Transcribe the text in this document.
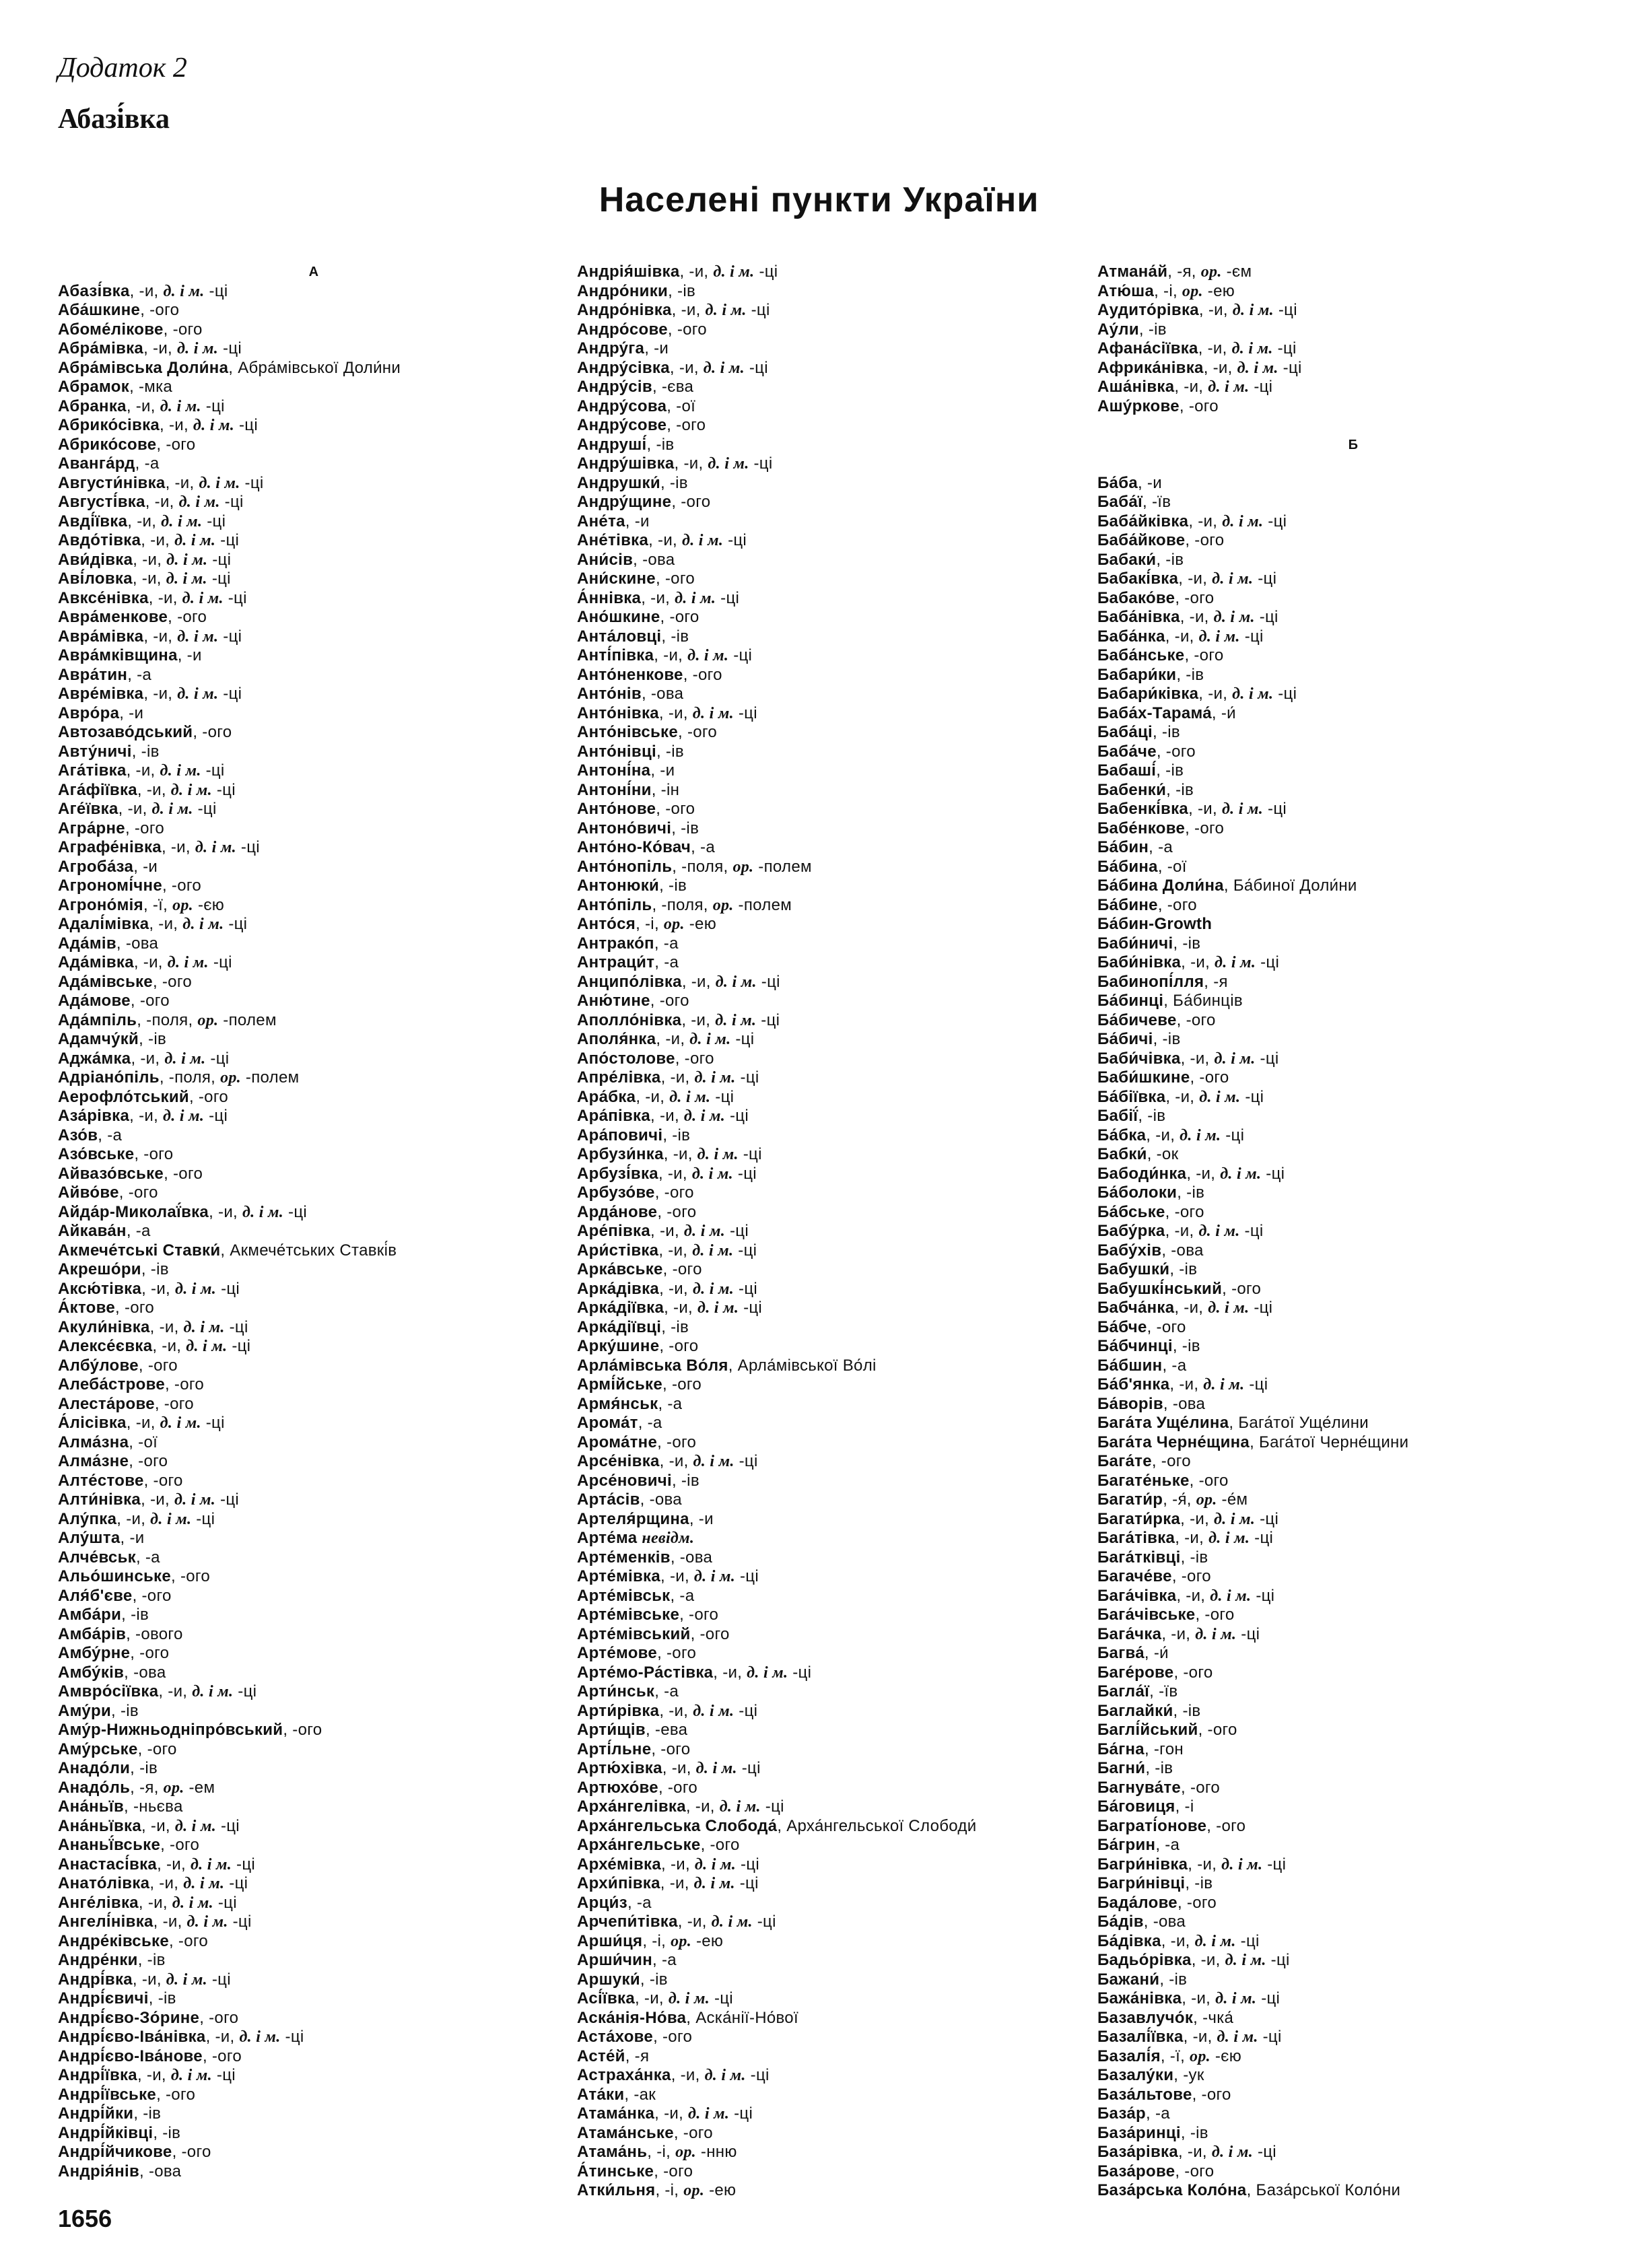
Додаток 2
Абазі́вка
Населені пункти України
А
Абазі́вка, -и, д. і м. -ці
Аба́шкине, -ого
Абоме́лікове, -ого
Абра́мівка, -и, д. і м. -ці
Абра́мівська Доли́на, Абра́мівської Доли́ни
Абрамок, -мка
Абранка, -и, д. і м. -ці
Абрико́сівка, -и, д. і м. -ці
Абрико́сове, -ого
Аванга́рд, -а
Августи́нівка, -и, д. і м. -ці
Августі́вка, -и, д. і м. -ці
Авді́ївка, -и, д. і м. -ці
Авдо́тівка, -и, д. і м. -ці
Ави́дівка, -и, д. і м. -ці
Аві́ловка, -и, д. і м. -ці
Авксе́нівка, -и, д. і м. -ці
Авра́менкове, -ого
Авра́мівка, -и, д. і м. -ці
Авра́мківщина, -и
Авра́тин, -а
Авре́мівка, -и, д. і м. -ці
Авро́ра, -и
Автозаво́дський, -ого
Авту́ничі, -ів
Ага́тівка, -и, д. і м. -ці
Ага́фіївка, -и, д. і м. -ці
Аге́ївка, -и, д. і м. -ці
Агра́рне, -ого
Аграфе́нівка, -и, д. і м. -ці
Агроба́за, -и
Агрономі́чне, -ого
Агроно́мія, -ї, ор. -єю
Адалі́мівка, -и, д. і м. -ці
Ада́мів, -ова
Ада́мівка, -и, д. і м. -ці
Ада́мівське, -ого
Ада́мове, -ого
Ада́мпіль, -поля, ор. -полем
Адамчу́кй, -ів
Аджа́мка, -и, д. і м. -ці
Адріано́піль, -поля, ор. -полем
Аерофло́тський, -ого
Аза́рівка, -и, д. і м. -ці
Азо́в, -а
Азо́вське, -ого
Айвазо́вське, -ого
Айво́ве, -ого
Айда́р-Миколаї́вка, -и, д. і м. -ці
Айкава́н, -а
Акмече́тські Ставки́, Акмече́тських Ставкі́в
Акрешо́ри, -ів
Аксю́тівка, -и, д. і м. -ці
А́ктове, -ого
Акули́нівка, -и, д. і м. -ці
Алексе́євка, -и, д. і м. -ці
Албу́лове, -ого
Алеба́строве, -ого
Алеста́рове, -ого
А́лісівка, -и, д. і м. -ці
Алма́зна, -ої
Алма́зне, -ого
Алте́стове, -ого
Алти́нівка, -и, д. і м. -ці
Алу́пка, -и, д. і м. -ці
Алу́шта, -и
Алче́вськ, -а
Альо́шинське, -ого
Аля́б'єве, -ого
Амба́ри, -ів
Амба́рів, -ового
Амбу́рне, -ого
Амбу́ків, -ова
Амвро́сіївка, -и, д. і м. -ці
Аму́ри, -ів
Аму́р-Нижньодніпро́вський, -ого
Аму́рське, -ого
Анадо́ли, -ів
Анадо́ль, -я, ор. -ем
Ана́ньїв, -ньєва
Ана́ньївка, -и, д. і м. -ці
Ананьї́вське, -ого
Анастасі́вка, -и, д. і м. -ці
Анато́лівка, -и, д. і м. -ці
Анге́лівка, -и, д. і м. -ці
Ангелі́нівка, -и, д. і м. -ці
Андре́ківське, -ого
Андре́нки, -ів
Андрі́вка, -и, д. і м. -ці
Андрі́євичі, -ів
Андрі́єво-Зо́рине, -ого
Андрі́єво-Іва́нівка, -и, д. і м. -ці
Андрі́єво-Іва́нове, -ого
Андрі́ївка, -и, д. і м. -ці
Андрі́ївське, -ого
Андрі́йки, -ів
Андрі́йківці, -ів
Андрі́йчикове, -ого
Андрія́нів, -ова
Андрія́шівка, -и, д. і м. -ці
Андро́ники, -ів
Андро́нівка, -и, д. і м. -ці
Андро́сове, -ого
Андру́га, -и
Андру́сівка, -и, д. і м. -ці
Андру́сів, -єва
Андру́сова, -ої
Андру́сове, -ого
Андруші́, -ів
Андру́шівка, -и, д. і м. -ці
Андрушки́, -ів
Андру́щине, -ого
Ане́та, -и
Ане́тівка, -и, д. і м. -ці
Ани́сів, -ова
Ани́скине, -ого
А́ннівка, -и, д. і м. -ці
Ано́шкине, -ого
Анта́ловці, -ів
Анті́півка, -и, д. і м. -ці
Анто́ненкове, -ого
Анто́нів, -ова
Анто́нівка, -и, д. і м. -ці
Анто́нівське, -ого
Анто́нівці, -ів
Антоні́на, -и
Антоні́ни, -ін
Анто́нове, -ого
Антоно́вичі, -ів
Анто́но-Ко́вач, -а
Анто́нопіль, -поля, ор. -полем
Антонюки́, -ів
Анто́піль, -поля, ор. -полем
Анто́ся, -і, ор. -ею
Антрако́п, -а
Антраци́т, -а
Анципо́лівка, -и, д. і м. -ці
Аню́тине, -ого
Аполло́нівка, -и, д. і м. -ці
Аполя́нка, -и, д. і м. -ці
Апо́столове, -ого
Апре́лівка, -и, д. і м. -ці
Ара́бка, -и, д. і м. -ці
Ара́півка, -и, д. і м. -ці
Ара́повичі, -ів
Арбузи́нка, -и, д. і м. -ці
Арбузі́вка, -и, д. і м. -ці
Арбузо́ве, -ого
Арда́нове, -ого
Аре́півка, -и, д. і м. -ці
Ари́стівка, -и, д. і м. -ці
Арка́вське, -ого
Арка́дівка, -и, д. і м. -ці
Арка́діївка, -и, д. і м. -ці
Арка́діївці, -ів
Арку́шине, -ого
Арла́мівська Во́ля, Арла́мівської Во́лі
Армі́йське, -ого
Армя́нськ, -а
Арома́т, -а
Арома́тне, -ого
Арсе́нівка, -и, д. і м. -ці
Арсе́новичі, -ів
Арта́сів, -ова
Артеля́рщина, -и
Арте́ма невідм.
Арте́менків, -ова
Арте́мівка, -и, д. і м. -ці
Арте́мівськ, -а
Арте́мівське, -ого
Арте́мівський, -ого
Арте́мове, -ого
Арте́мо-Ра́стівка, -и, д. і м. -ці
Арти́нськ, -а
Арти́рівка, -и, д. і м. -ці
Арти́щів, -ева
Арті́льне, -ого
Артю́хівка, -и, д. і м. -ці
Артюхо́ве, -ого
Арха́нгелівка, -и, д. і м. -ці
Арха́нгельська Слобода́, Арха́нгельської Слободи́
Арха́нгельське, -ого
Архе́мівка, -и, д. і м. -ці
Архи́півка, -и, д. і м. -ці
Арци́з, -а
Арчепи́тівка, -и, д. і м. -ці
Арши́ця, -і, ор. -ею
Арши́чин, -а
Аршуки́, -ів
Асі́ївка, -и, д. і м. -ці
Аска́нія-Но́ва, Аска́нії-Но́вої
Аста́хове, -ого
Асте́й, -я
Астраха́нка, -и, д. і м. -ці
Ата́ки, -ак
Атама́нка, -и, д. і м. -ці
Атама́нське, -ого
Атама́нь, -і, ор. -нню
А́тинське, -ого
Атки́льня, -і, ор. -ею
Атмана́й, -я, ор. -єм
Атю́ша, -і, ор. -ею
Аудито́рівка, -и, д. і м. -ці
Ау́ли, -ів
Афана́сіївка, -и, д. і м. -ці
Африка́нівка, -и, д. і м. -ці
Аша́нівка, -и, д. і м. -ці
Ашу́ркове, -ого
Б
Ба́ба, -и
Баба́ї, -їв
Баба́йківка, -и, д. і м. -ці
Баба́йкове, -ого
Бабаки́, -ів
Бабакі́вка, -и, д. і м. -ці
Бабако́ве, -ого
Баба́нівка, -и, д. і м. -ці
Баба́нка, -и, д. і м. -ці
Баба́нське, -ого
Бабари́ки, -ів
Бабари́ківка, -и, д. і м. -ці
Баба́х-Тарама́, -и́
Баба́ці, -ів
Баба́че, -ого
Бабаші́, -ів
Бабенки́, -ів
Бабенкі́вка, -и, д. і м. -ці
Бабе́нкове, -ого
Ба́бин, -а
Ба́бина, -ої
Ба́бина Доли́на, Ба́биної Доли́ни
Ба́бине, -ого
Ба́бин-Growth
Баби́ничі, -ів
Баби́нівка, -и, д. і м. -ці
Бабинопі́лля, -я
Ба́бинці, Ба́бинців
Ба́бичеве, -ого
Ба́бичі, -ів
Баби́чівка, -и, д. і м. -ці
Баби́шкине, -ого
Ба́біївка, -и, д. і м. -ці
Бабії́, -ів
Ба́бка, -и, д. і м. -ці
Бабки́, -ок
Бабоди́нка, -и, д. і м. -ці
Ба́болоки, -ів
Ба́бське, -ого
Бабу́рка, -и, д. і м. -ці
Бабу́хів, -ова
Бабушки́, -ів
Бабушкі́нський, -ого
Бабча́нка, -и, д. і м. -ці
Ба́бче, -ого
Ба́бчинці, -ів
Ба́бшин, -а
Ба́б'янка, -и, д. і м. -ці
Ба́ворів, -ова
Бага́та Уще́лина, Бага́тої Уще́лини
Бага́та Черне́щина, Бага́тої Черне́щини
Бага́те, -ого
Багате́ньке, -ого
Багати́р, -я́, ор. -е́м
Багати́рка, -и, д. і м. -ці
Бага́тівка, -и, д. і м. -ці
Бага́тківці, -ів
Багаче́ве, -ого
Бага́чівка, -и, д. і м. -ці
Бага́чівське, -ого
Бага́чка, -и, д. і м. -ці
Багва́, -и́
Баге́рове, -ого
Багла́ї, -їв
Баглайки́, -ів
Баглі́йський, -ого
Ба́гна, -гон
Багни́, -ів
Багнува́те, -ого
Ба́говиця, -і
Баграті́онове, -ого
Ба́грин, -а
Багри́нівка, -и, д. і м. -ці
Багри́нівці, -ів
Бада́лове, -ого
Ба́дів, -ова
Ба́дівка, -и, д. і м. -ці
Бадьо́рівка, -и, д. і м. -ці
Бажани́, -ів
Бажа́нівка, -и, д. і м. -ці
Базавлучо́к, -чка́
Базалі́ївка, -и, д. і м. -ці
Базалі́я, -ї, ор. -єю
Базалу́ки, -ук
База́льтове, -ого
База́р, -а
База́ринці, -ів
База́рівка, -и, д. і м. -ці
База́рове, -ого
База́рська Коло́на, База́рської Коло́ни
1656
